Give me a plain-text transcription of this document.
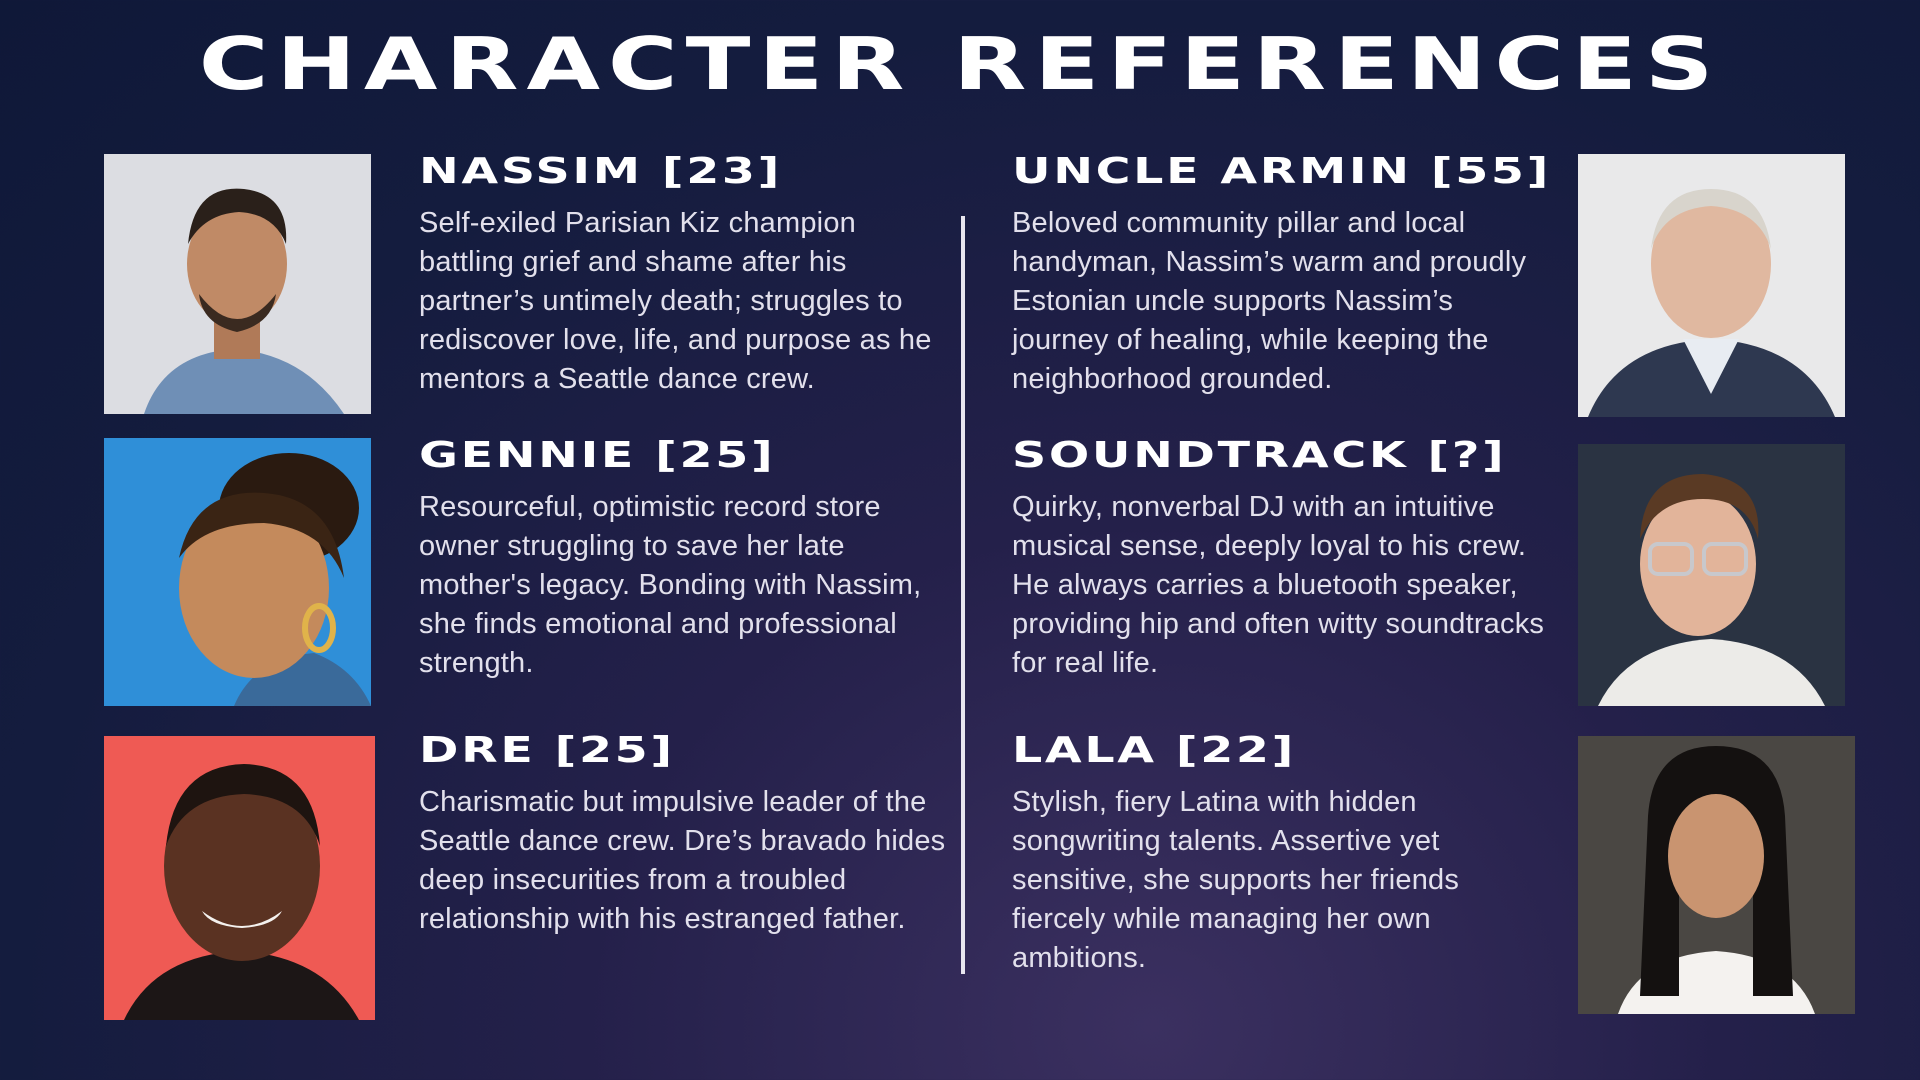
CHARACTER REFERENCES
NASSIM [23]
Self-exiled Parisian Kiz champion battling grief and shame after his partner’s untimely death; struggles to rediscover love, life, and purpose as he mentors a Seattle dance crew.
GENNIE [25]
Resourceful, optimistic record store owner struggling to save her late mother's legacy. Bonding with Nassim, she finds emotional and professional strength.
DRE [25]
Charismatic but impulsive leader of the Seattle dance crew. Dre’s bravado hides deep insecurities from a troubled relationship with his estranged father.
UNCLE ARMIN [55]
Beloved community pillar and local handyman, Nassim’s warm and proudly Estonian uncle supports Nassim’s journey of healing, while keeping the neighborhood grounded.
SOUNDTRACK [?]
Quirky, nonverbal DJ with an intuitive musical sense, deeply loyal to his crew. He always carries a bluetooth speaker, providing hip and often witty soundtracks for real life.
LALA [22]
Stylish, fiery Latina with hidden songwriting talents. Assertive yet sensitive, she supports her friends fiercely while managing her own ambitions.
